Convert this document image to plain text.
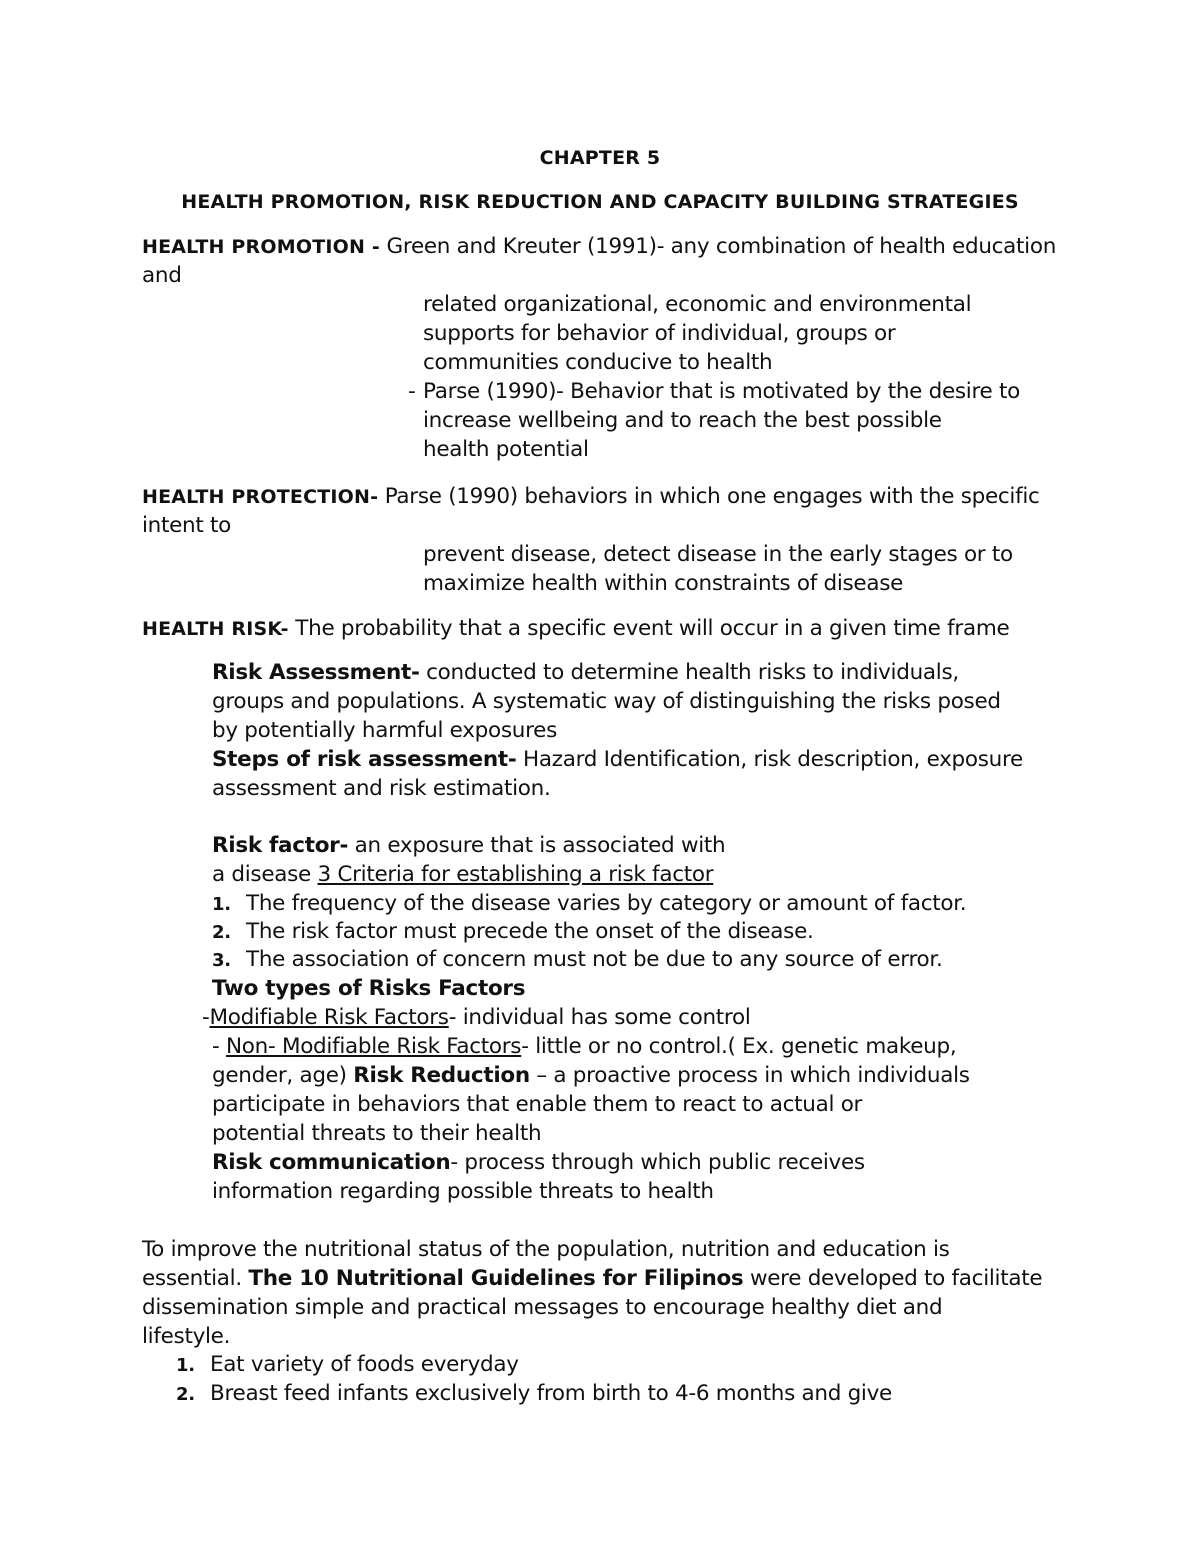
CHAPTER 5
HEALTH PROMOTION, RISK REDUCTION AND CAPACITY BUILDING STRATEGIES
HEALTH PROMOTION - Green and Kreuter (1991)- any combination of health education
and
related organizational, economic and environmental
supports for behavior of individual, groups or
communities conducive to health
- Parse (1990)- Behavior that is motivated by the desire to
increase wellbeing and to reach the best possible
health potential
HEALTH PROTECTION- Parse (1990) behaviors in which one engages with the specific
intent to
prevent disease, detect disease in the early stages or to
maximize health within constraints of disease
HEALTH RISK- The probability that a specific event will occur in a given time frame
Risk Assessment- conducted to determine health risks to individuals,
groups and populations. A systematic way of distinguishing the risks posed
by potentially harmful exposures
Steps of risk assessment- Hazard Identification, risk description, exposure
assessment and risk estimation.
Risk factor- an exposure that is associated with
a disease 3 Criteria for establishing a risk factor
1. The frequency of the disease varies by category or amount of factor.
2. The risk factor must precede the onset of the disease.
3. The association of concern must not be due to any source of error.
Two types of Risks Factors
-Modifiable Risk Factors- individual has some control
- Non- Modifiable Risk Factors- little or no control.( Ex. genetic makeup,
gender, age) Risk Reduction – a proactive process in which individuals
participate in behaviors that enable them to react to actual or
potential threats to their health
Risk communication- process through which public receives
information regarding possible threats to health
To improve the nutritional status of the population, nutrition and education is
essential. The 10 Nutritional Guidelines for Filipinos were developed to facilitate
dissemination simple and practical messages to encourage healthy diet and
lifestyle.
1. Eat variety of foods everyday
2. Breast feed infants exclusively from birth to 4-6 months and give
